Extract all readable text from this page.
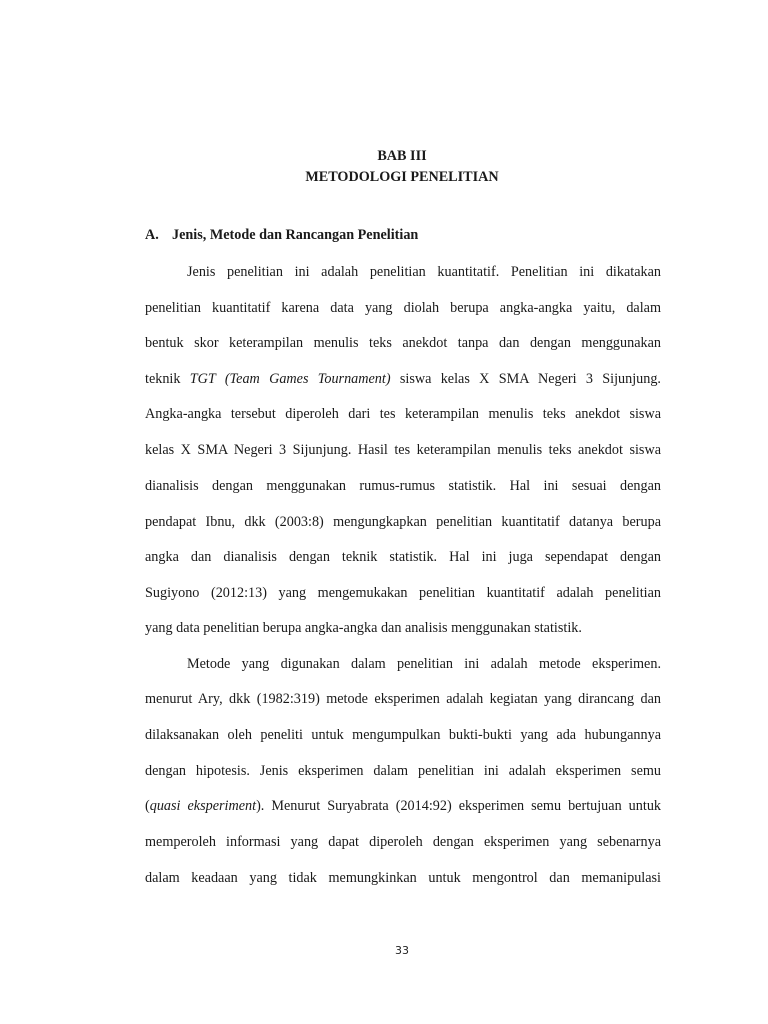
BAB III
METODOLOGI PENELITIAN
A. Jenis, Metode dan Rancangan Penelitian
Jenis penelitian ini adalah penelitian kuantitatif. Penelitian ini dikatakan
penelitian kuantitatif karena data yang diolah berupa angka-angka yaitu, dalam
bentuk skor keterampilan menulis teks anekdot tanpa dan dengan menggunakan
teknik TGT (Team Games Tournament) siswa kelas X SMA Negeri 3 Sijunjung.
Angka-angka tersebut diperoleh dari tes keterampilan menulis teks anekdot siswa
kelas X SMA Negeri 3 Sijunjung. Hasil tes keterampilan menulis teks anekdot siswa
dianalisis dengan menggunakan rumus-rumus statistik. Hal ini sesuai dengan
pendapat Ibnu, dkk (2003:8) mengungkapkan penelitian kuantitatif datanya berupa
angka dan dianalisis dengan teknik statistik. Hal ini juga sependapat dengan
Sugiyono (2012:13) yang mengemukakan penelitian kuantitatif adalah penelitian
yang data penelitian berupa angka-angka dan analisis menggunakan statistik.
Metode yang digunakan dalam penelitian ini adalah metode eksperimen.
menurut Ary, dkk (1982:319) metode eksperimen adalah kegiatan yang dirancang dan
dilaksanakan oleh peneliti untuk mengumpulkan bukti-bukti yang ada hubungannya
dengan hipotesis. Jenis eksperimen dalam penelitian ini adalah eksperimen semu
(quasi eksperiment). Menurut Suryabrata (2014:92) eksperimen semu bertujuan untuk
memperoleh informasi yang dapat diperoleh dengan eksperimen yang sebenarnya
dalam keadaan yang tidak memungkinkan untuk mengontrol dan memanipulasi
33
